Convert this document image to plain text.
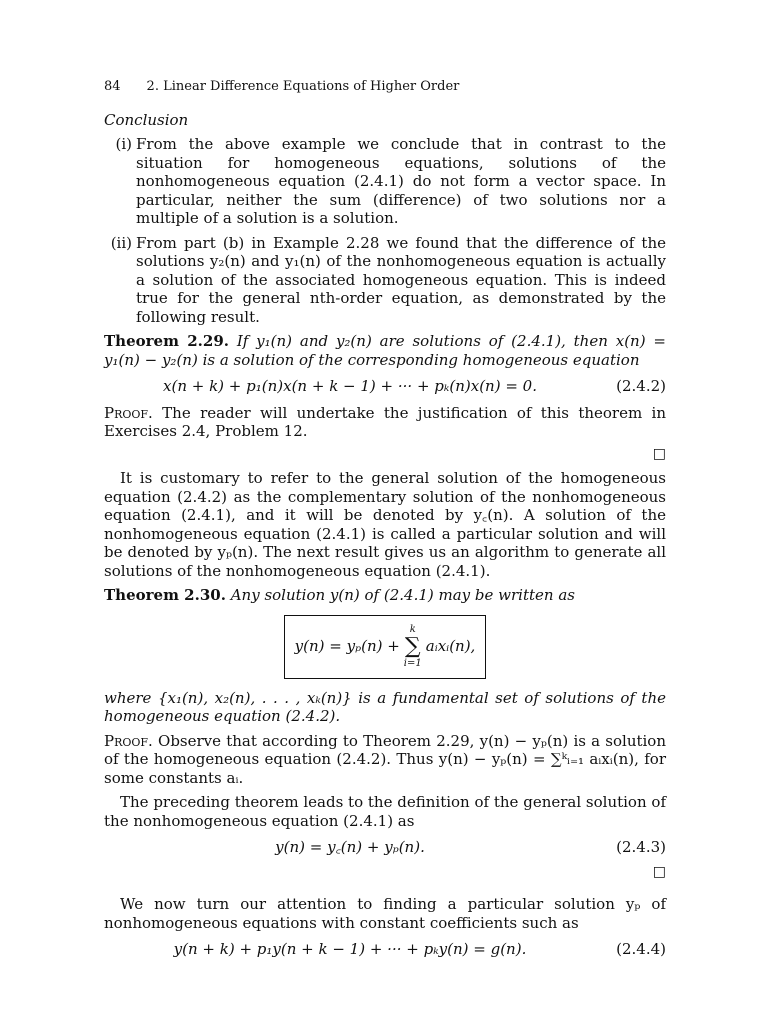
84 2. Linear Difference Equations of Higher Order
Conclusion
(i) From the above example we conclude that in contrast to the situation for homogeneous equations, solutions of the nonhomogeneous equation (2.4.1) do not form a vector space. In particular, neither the sum (difference) of two solutions nor a multiple of a solution is a solution.
(ii) From part (b) in Example 2.28 we found that the difference of the solutions y₂(n) and y₁(n) of the nonhomogeneous equation is actually a solution of the associated homogeneous equation. This is indeed true for the general nth-order equation, as demonstrated by the following result.
Theorem 2.29. If y₁(n) and y₂(n) are solutions of (2.4.1), then x(n) = y₁(n) − y₂(n) is a solution of the corresponding homogeneous equation
x(n + k) + p₁(n)x(n + k − 1) + ··· + pₖ(n)x(n) = 0.	(2.4.2)
Proof. The reader will undertake the justification of this theorem in Exercises 2.4, Problem 12.
□
It is customary to refer to the general solution of the homogeneous equation (2.4.2) as the complementary solution of the nonhomogeneous equation (2.4.1), and it will be denoted by y꜀(n). A solution of the nonhomogeneous equation (2.4.1) is called a particular solution and will be denoted by yₚ(n). The next result gives us an algorithm to generate all solutions of the nonhomogeneous equation (2.4.1).
Theorem 2.30. Any solution y(n) of (2.4.1) may be written as
y(n) = yₚ(n) +
k
∑
i=1
aᵢxᵢ(n),
where {x₁(n), x₂(n), . . . , xₖ(n)} is a fundamental set of solutions of the homogeneous equation (2.4.2).
Proof. Observe that according to Theorem 2.29, y(n) − yₚ(n) is a solution of the homogeneous equation (2.4.2). Thus y(n) − yₚ(n) = ∑ᵏᵢ₌₁ aᵢxᵢ(n), for some constants aᵢ.
The preceding theorem leads to the definition of the general solution of the nonhomogeneous equation (2.4.1) as
y(n) = y꜀(n) + yₚ(n).	(2.4.3)
□
We now turn our attention to finding a particular solution yₚ of nonhomogeneous equations with constant coefficients such as
y(n + k) + p₁y(n + k − 1) + ··· + pₖy(n) = g(n).	(2.4.4)
